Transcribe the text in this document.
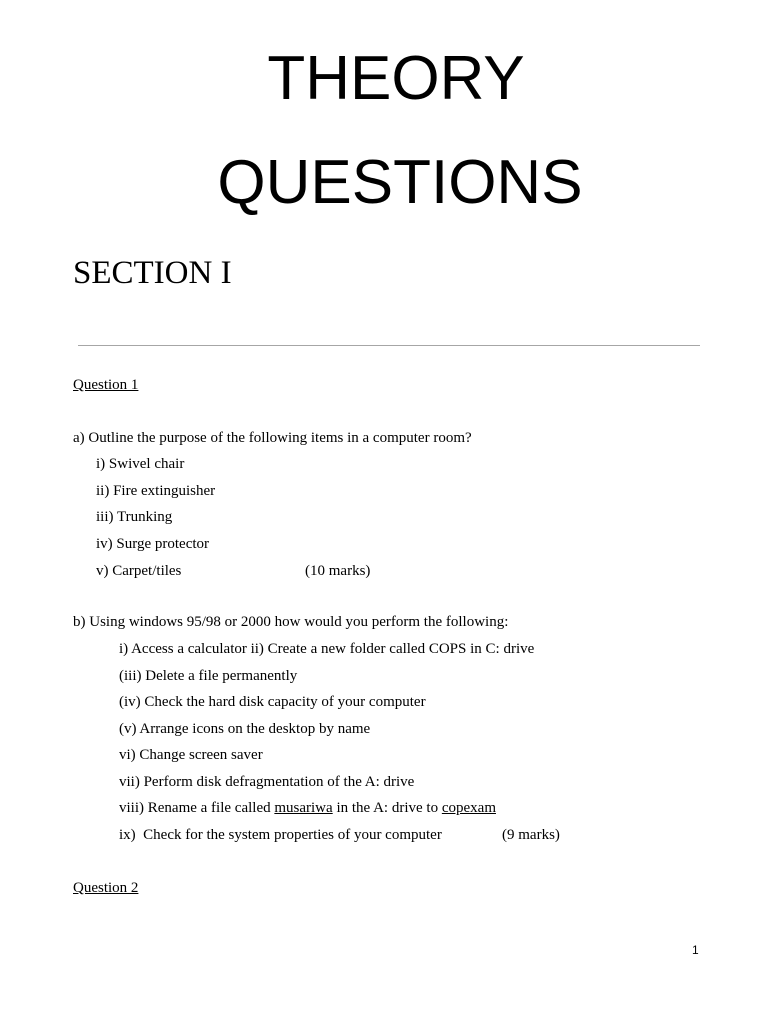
THEORY
QUESTIONS
SECTION I
Question 1
a) Outline the purpose of the following items in a computer room?
i) Swivel chair
ii) Fire extinguisher
iii) Trunking
iv) Surge protector
v) Carpet/tiles	(10 marks)
b) Using windows 95/98 or 2000 how would you perform the following:
i) Access a calculator ii) Create a new folder called COPS in C: drive
(iii) Delete a file permanently
(iv) Check the hard disk capacity of your computer
(v) Arrange icons on the desktop by name
vi) Change screen saver
vii) Perform disk defragmentation of the A: drive
viii) Rename a file called musariwa in the A: drive to copexam
ix)  Check for the system properties of your computer	(9 marks)
Question 2
1
